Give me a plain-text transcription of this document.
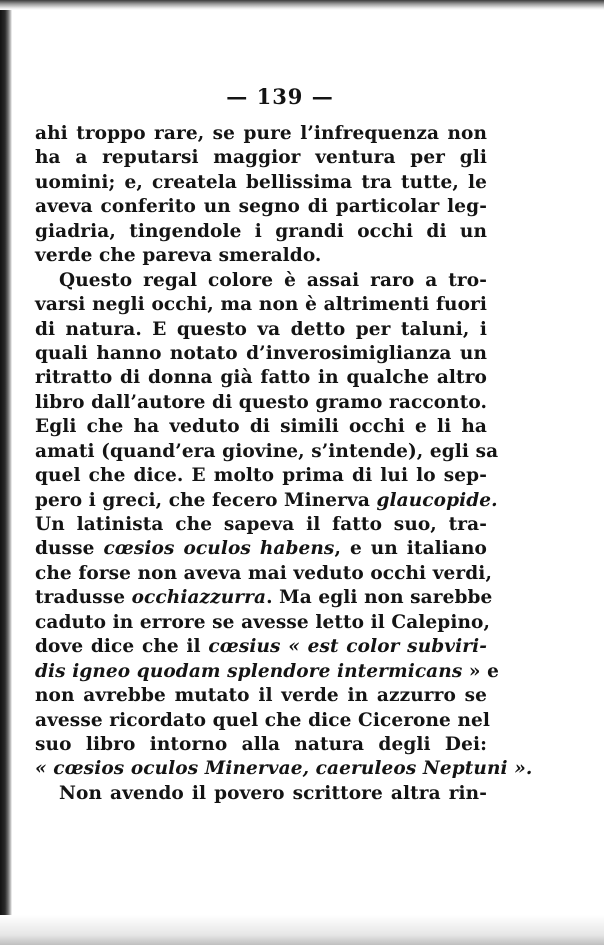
— 139 —
ahi troppo rare, se pure l’infrequenza non
ha a reputarsi maggior ventura per gli
uomini; e, createla bellissima tra tutte, le
aveva conferito un segno di particolar leg-
giadria, tingendole i grandi occhi di un
verde che pareva smeraldo.
Questo regal colore è assai raro a tro-
varsi negli occhi, ma non è altrimenti fuori
di natura. E questo va detto per taluni, i
quali hanno notato d’inverosimiglianza un
ritratto di donna già fatto in qualche altro
libro dall’autore di questo gramo racconto.
Egli che ha veduto di simili occhi e li ha
amati (quand’era giovine, s’intende), egli sa
quel che dice. E molto prima di lui lo sep-
pero i greci, che fecero Minerva glaucopide.
Un latinista che sapeva il fatto suo, tra-
dusse cœsios oculos habens, e un italiano
che forse non aveva mai veduto occhi verdi,
tradusse occhiazzurra. Ma egli non sarebbe
caduto in errore se avesse letto il Calepino,
dove dice che il cœsius « est color subviri-
dis igneo quodam splendore intermicans » e
non avrebbe mutato il verde in azzurro se
avesse ricordato quel che dice Cicerone nel
suo libro intorno alla natura degli Dei:
« cœsios oculos Minervae, caeruleos Neptuni ».
Non avendo il povero scrittore altra rin-
